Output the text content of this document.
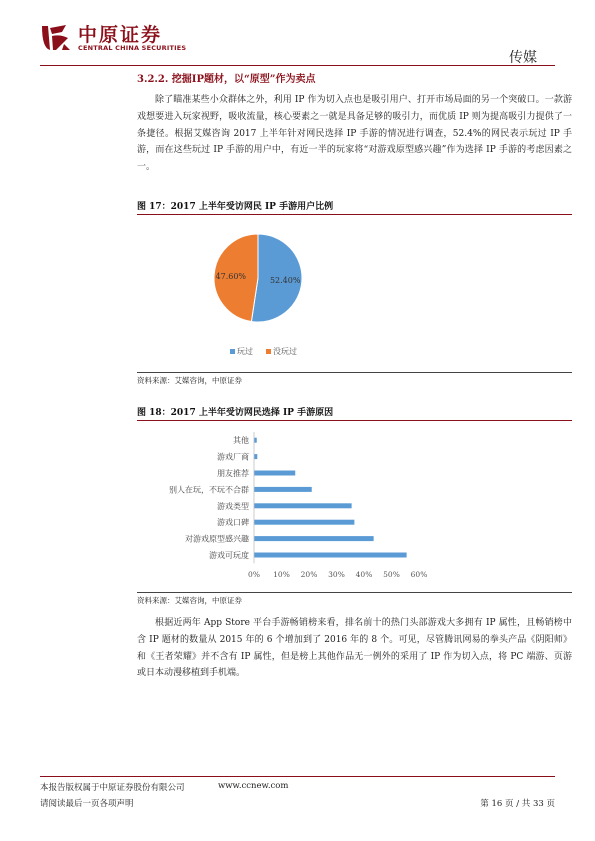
中原证券
CENTRAL CHINA SECURITIES
传媒
3.2.2. 挖掘IP题材，以“原型”作为卖点
除了瞄准某些小众群体之外，利用 IP 作为切入点也是吸引用户、打开市场局面的另一个突破口。一款游戏想要进入玩家视野，吸收流量，核心要素之一就是具备足够的吸引力，而优质 IP 则为提高吸引力提供了一条捷径。根据艾媒咨询 2017 上半年针对网民选择 IP 手游的情况进行调查，52.4%的网民表示玩过 IP 手游，而在这些玩过 IP 手游的用户中，有近一半的玩家将“对游戏原型感兴趣”作为选择 IP 手游的考虑因素之一。
图 17：2017 上半年受访网民 IP 手游用户比例
52.40%
47.60%
玩过	没玩过
资料来源：艾媒咨询，中原证券
图 18：2017 上半年受访网民选择 IP 手游原因
其他
游戏厂商
朋友推荐
别人在玩，不玩不合群
游戏类型
游戏口碑
对游戏原型感兴趣
游戏可玩度
0% 10% 20% 30% 40% 50% 60%
资料来源：艾媒咨询，中原证券
根据近两年 App Store 平台手游畅销榜来看，排名前十的热门头部游戏大多拥有 IP 属性，且畅销榜中含 IP 题材的数量从 2015 年的 6 个增加到了 2016 年的 8 个。可见，尽管腾讯网易的拳头产品《阴阳师》和《王者荣耀》并不含有 IP 属性，但是榜上其他作品无一例外的采用了 IP 作为切入点，将 PC 端游、页游或日本动漫移植到手机端。
本报告版权属于中原证券股份有限公司	www.ccnew.com
请阅读最后一页各项声明	第 16 页 / 共 33 页
